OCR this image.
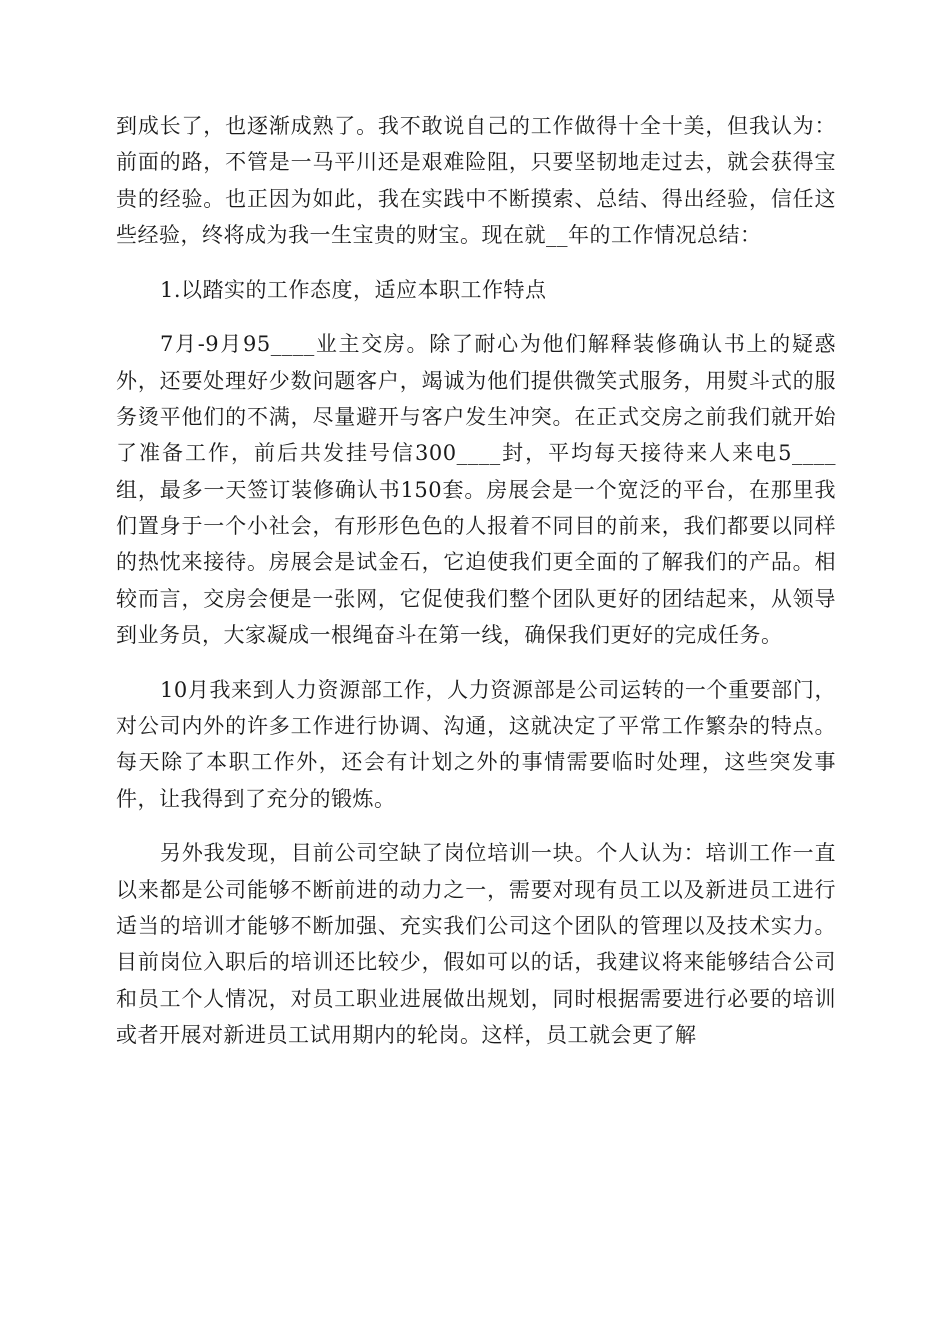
到成长了，也逐渐成熟了。我不敢说自己的工作做得十全十美，但我认为：前面的路，不管是一马平川还是艰难险阻，只要坚韧地走过去，就会获得宝贵的经验。也正因为如此，我在实践中不断摸索、总结、得出经验，信任这些经验，终将成为我一生宝贵的财宝。现在就__年的工作情况总结：

1.以踏实的工作态度，适应本职工作特点

7月-9月95____业主交房。除了耐心为他们解释装修确认书上的疑惑外，还要处理好少数问题客户，竭诚为他们提供微笑式服务，用熨斗式的服务烫平他们的不满，尽量避开与客户发生冲突。在正式交房之前我们就开始了准备工作，前后共发挂号信300____封，平均每天接待来人来电5____组，最多一天签订装修确认书150套。房展会是一个宽泛的平台，在那里我们置身于一个小社会，有形形色色的人报着不同目的前来，我们都要以同样的热忱来接待。房展会是试金石，它迫使我们更全面的了解我们的产品。相较而言，交房会便是一张网，它促使我们整个团队更好的团结起来，从领导到业务员，大家凝成一根绳奋斗在第一线，确保我们更好的完成任务。

10月我来到人力资源部工作，人力资源部是公司运转的一个重要部门，对公司内外的许多工作进行协调、沟通，这就决定了平常工作繁杂的特点。每天除了本职工作外，还会有计划之外的事情需要临时处理，这些突发事件，让我得到了充分的锻炼。

另外我发现，目前公司空缺了岗位培训一块。个人认为：培训工作一直以来都是公司能够不断前进的动力之一，需要对现有员工以及新进员工进行适当的培训才能够不断加强、充实我们公司这个团队的管理以及技术实力。目前岗位入职后的培训还比较少，假如可以的话，我建议将来能够结合公司和员工个人情况，对员工职业进展做出规划，同时根据需要进行必要的培训或者开展对新进员工试用期内的轮岗。这样，员工就会更了解
